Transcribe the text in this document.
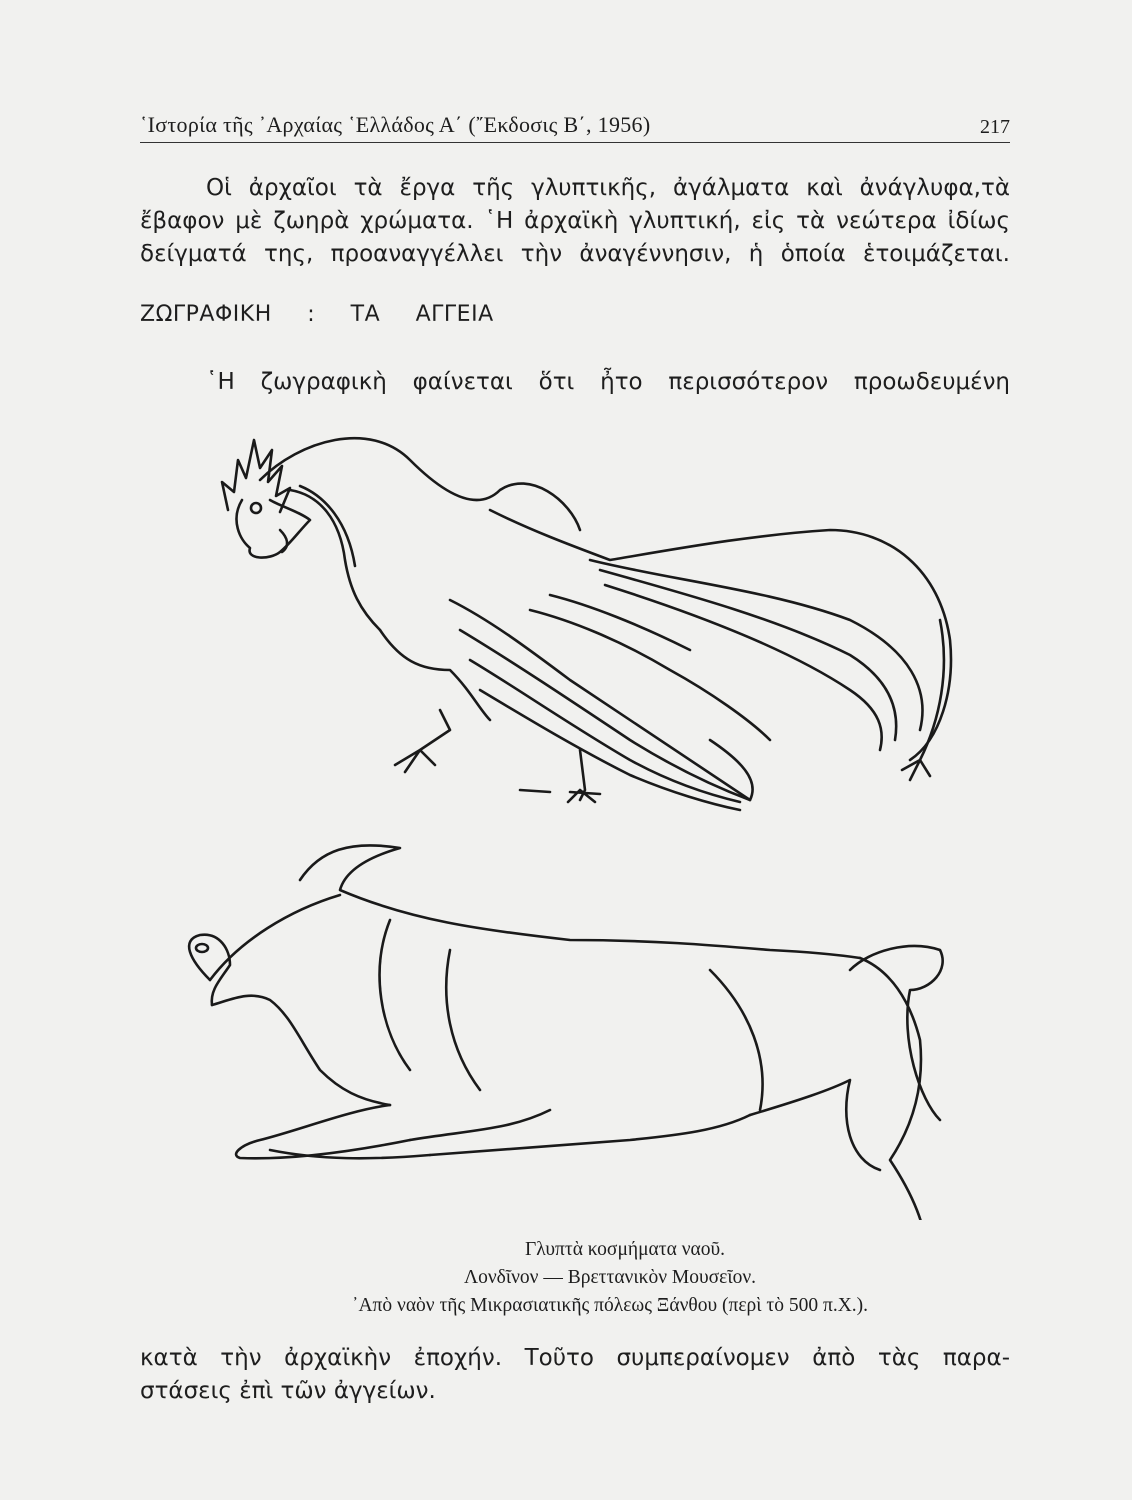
῾Ιστορία τῆς ᾿Αρχαίας ῾Ελλάδος Α΄ (῎Εκδοσις Β΄, 1956)	217

Οἱ ἀρχαῖοι τὰ ἔργα τῆς γλυπτικῆς, ἀγάλματα καὶ ἀνάγλυφα,τὰ ἔβαφον μὲ ζωηρὰ χρώματα. ῾Η ἀρχαϊκὴ γλυπτική, εἰς τὰ νεώτερα ἰδίως δείγματά της, προαναγγέλλει τὴν ἀναγέννησιν, ἡ ὁποία ἑτοιμάζεται.

ΖΩΓΡΑΦΙΚΗ : ΤΑ ΑΓΓΕΙΑ

῾Η ζωγραφικὴ φαίνεται ὅτι ἦτο περισσότερον προωδευμένη

Γλυπτὰ κοσμήματα ναοῦ.
Λονδῖνον — Βρεττανικὸν Μουσεῖον.
᾿Απὸ ναὸν τῆς Μικρασιατικῆς πόλεως Ξάνθου (περὶ τὸ 500 π.Χ.).
κατὰ τὴν ἀρχαϊκὴν ἐποχήν. Τοῦτο συμπεραίνομεν ἀπὸ τὰς παρα-
στάσεις ἐπὶ τῶν ἀγγείων.
